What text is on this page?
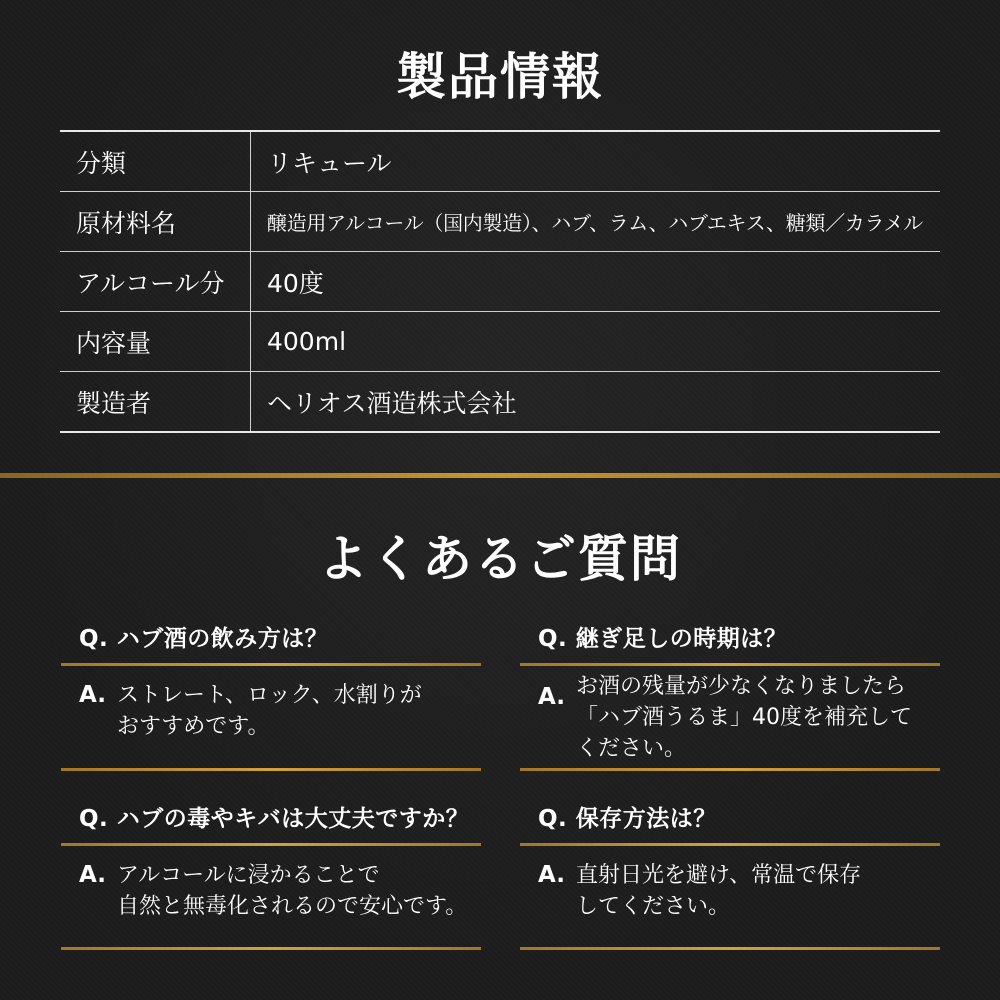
製品情報
分類	リキュール
原材料名	醸造用アルコール（国内製造）、ハブ、ラム、ハブエキス、糖類／カラメル
アルコール分	40度
内容量	400ml
製造者	ヘリオス酒造株式会社
よくあるご質問
Q. ハブ酒の飲み方は？
A. ストレート、ロック、水割りが
おすすめです。
Q. 継ぎ足しの時期は？
A. お酒の残量が少なくなりましたら
「ハブ酒うるま」40度を補充して
ください。
Q. ハブの毒やキバは大丈夫ですか？
A. アルコールに浸かることで
自然と無毒化されるので安心です。
Q. 保存方法は？
A. 直射日光を避け、常温で保存
してください。
